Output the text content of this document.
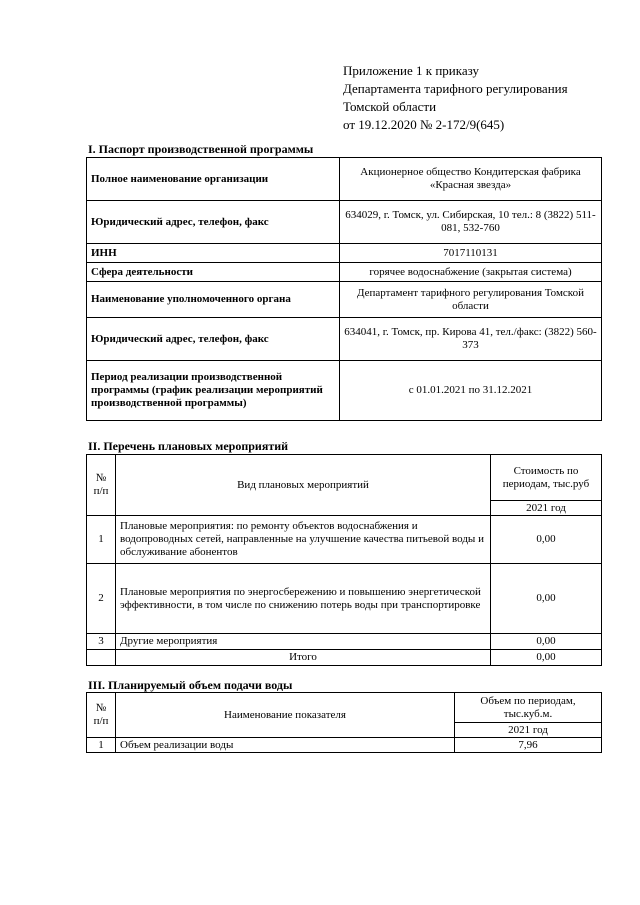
Приложение 1 к приказу
Департамента тарифного регулирования
Томской области
от 19.12.2020 № 2-172/9(645)
I. Паспорт производственной программы
Полное наименование организации	Акционерное общество Кондитерская фабрика «Красная звезда»
Юридический адрес, телефон, факс	634029, г. Томск, ул. Сибирская, 10 тел.: 8 (3822) 511-081, 532-760
ИНН	7017110131
Сфера деятельности	горячее водоснабжение (закрытая система)
Наименование уполномоченного органа	Департамент тарифного регулирования Томской области
Юридический адрес, телефон, факс	634041, г. Томск, пр. Кирова 41, тел./факс: (3822) 560-373
Период реализации производственной программы (график реализации мероприятий производственной программы)	с 01.01.2021 по 31.12.2021
II. Перечень плановых мероприятий
№ п/п	Вид плановых мероприятий	Стоимость по периодам, тыс.руб
		2021 год
1	Плановые мероприятия: по ремонту объектов водоснабжения и водопроводных сетей, направленные на улучшение качества питьевой воды и обслуживание абонентов	0,00
2	Плановые мероприятия по энергосбережению и повышению энергетической эффективности, в том числе по снижению потерь воды при транспортировке	0,00
3	Другие мероприятия	0,00
	Итого	0,00
III. Планируемый объем подачи воды
№ п/п	Наименование показателя	Объем по периодам, тыс.куб.м.
		2021 год
1	Объем реализации воды	7,96
